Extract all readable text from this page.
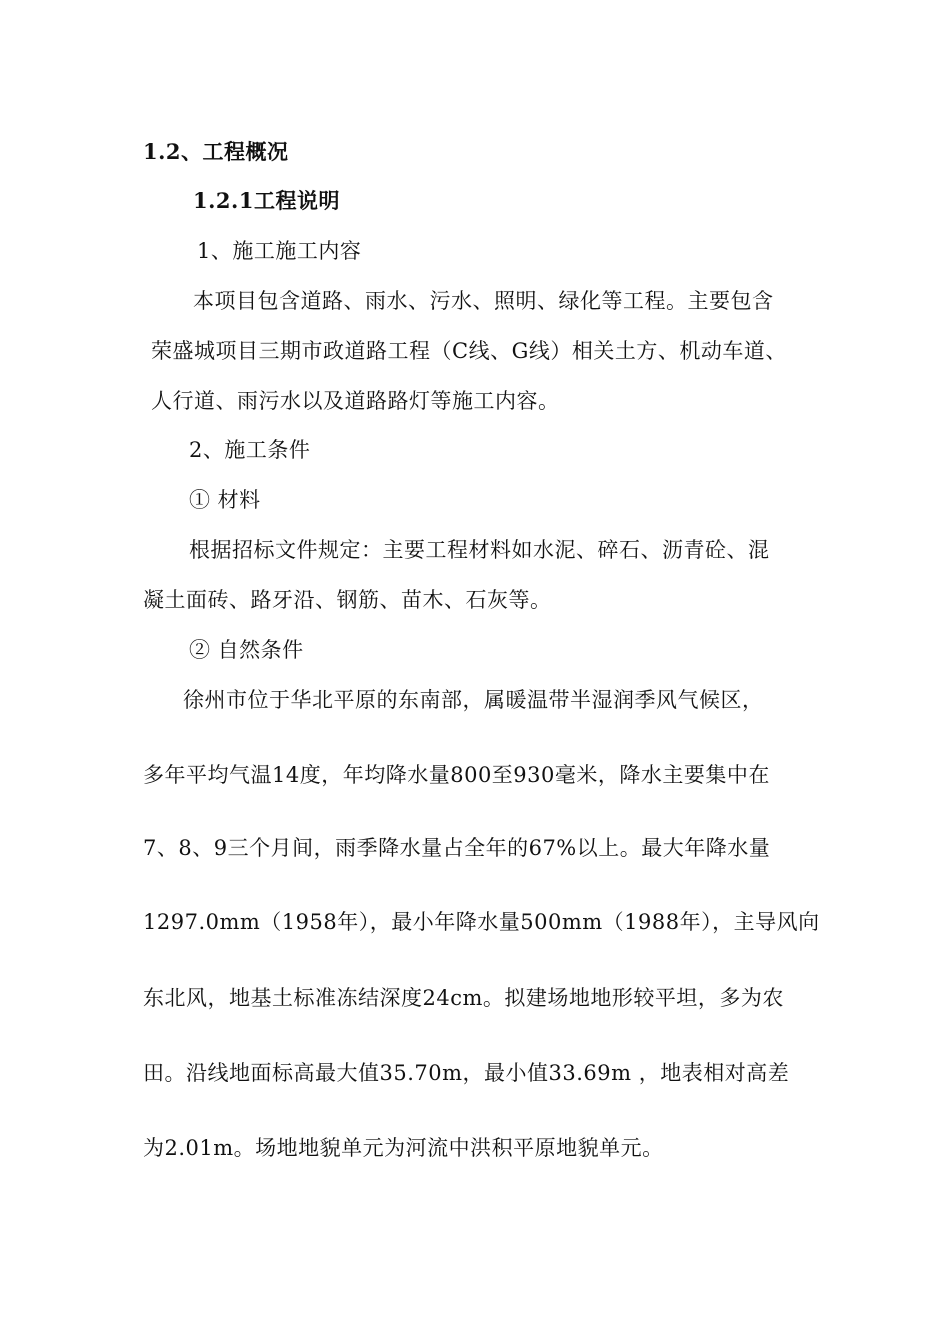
1.2、工程概况
1.2.1工程说明
1、施工施工内容
本项目包含道路、雨水、污水、照明、绿化等工程。主要包含
荣盛城项目三期市政道路工程（C线、G线）相关土方、机动车道、
人行道、雨污水以及道路路灯等施工内容。
2、施工条件
① 材料
根据招标文件规定：主要工程材料如水泥、碎石、沥青砼、混
凝土面砖、路牙沿、钢筋、苗木、石灰等。
② 自然条件
徐州市位于华北平原的东南部，属暖温带半湿润季风气候区，
多年平均气温14度，年均降水量800至930毫米，降水主要集中在
7、8、9三个月间，雨季降水量占全年的67%以上。最大年降水量
1297.0mm（1958年），最小年降水量500mm（1988年），主导风向
东北风，地基土标准冻结深度24cm。拟建场地地形较平坦，多为农
田。沿线地面标高最大值35.70m，最小值33.69m ，地表相对高差
为2.01m。场地地貌单元为河流中洪积平原地貌单元。
